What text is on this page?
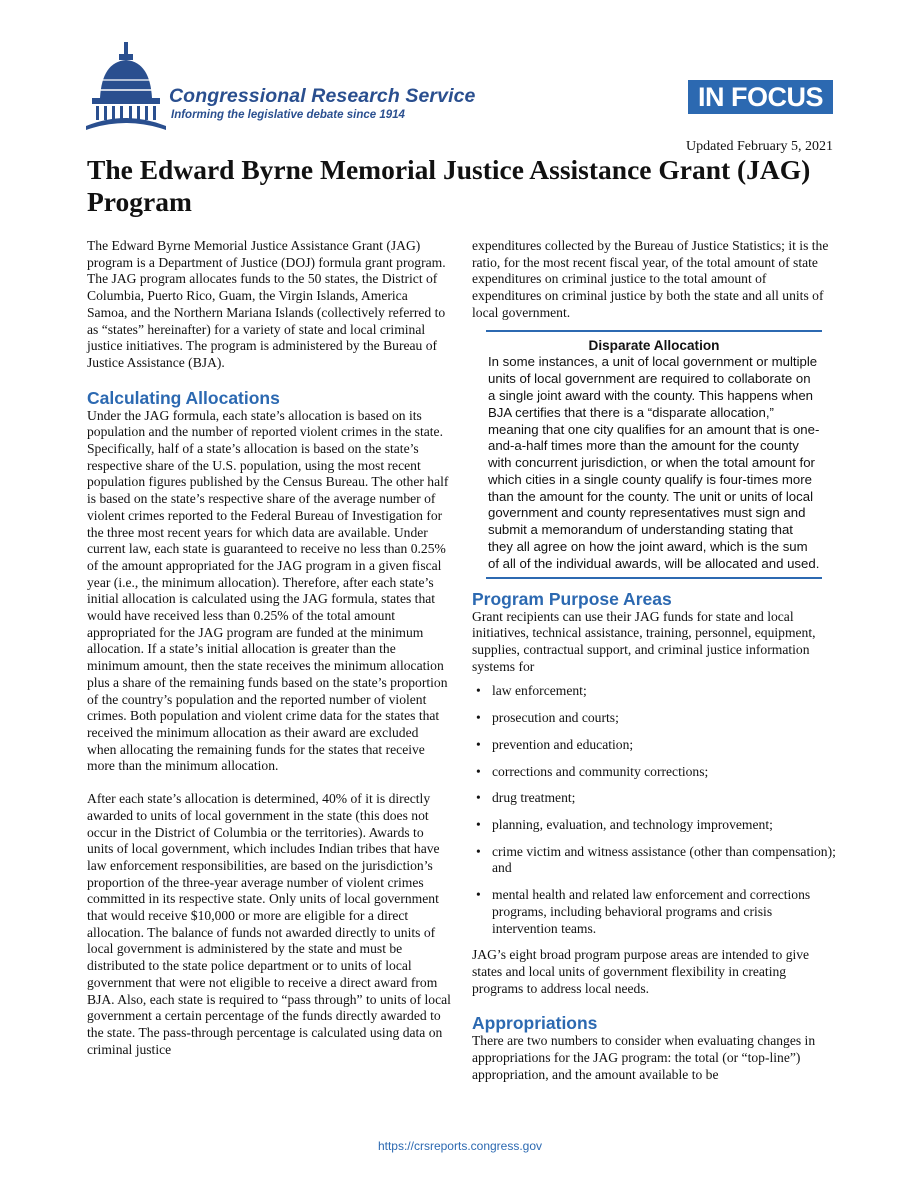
Congressional Research Service
Informing the legislative debate since 1914
IN FOCUS
Updated February 5, 2021
The Edward Byrne Memorial Justice Assistance Grant (JAG) Program

The Edward Byrne Memorial Justice Assistance Grant (JAG) program is a Department of Justice (DOJ) formula grant program. The JAG program allocates funds to the 50 states, the District of Columbia, Puerto Rico, Guam, the Virgin Islands, America Samoa, and the Northern Mariana Islands (collectively referred to as “states” hereinafter) for a variety of state and local criminal justice initiatives. The program is administered by the Bureau of Justice Assistance (BJA).

Calculating Allocations

Under the JAG formula, each state’s allocation is based on its population and the number of reported violent crimes in the state. Specifically, half of a state’s allocation is based on the state’s respective share of the U.S. population, using the most recent population figures published by the Census Bureau. The other half is based on the state’s respective share of the average number of violent crimes reported to the Federal Bureau of Investigation for the three most recent years for which data are available. Under current law, each state is guaranteed to receive no less than 0.25% of the amount appropriated for the JAG program in a given fiscal year (i.e., the minimum allocation). Therefore, after each state’s initial allocation is calculated using the JAG formula, states that would have received less than 0.25% of the total amount appropriated for the JAG program are funded at the minimum allocation. If a state’s initial allocation is greater than the minimum amount, then the state receives the minimum allocation plus a share of the remaining funds based on the state’s proportion of the country’s population and the reported number of violent crimes. Both population and violent crime data for the states that received the minimum allocation as their award are excluded when allocating the remaining funds for the states that receive more than the minimum allocation.

After each state’s allocation is determined, 40% of it is directly awarded to units of local government in the state (this does not occur in the District of Columbia or the territories). Awards to units of local government, which includes Indian tribes that have law enforcement responsibilities, are based on the jurisdiction’s proportion of the three-year average number of violent crimes committed in its respective state. Only units of local government that would receive $10,000 or more are eligible for a direct allocation. The balance of funds not awarded directly to units of local government is administered by the state and must be distributed to the state police department or to units of local government that were not eligible to receive a direct award from BJA. Also, each state is required to “pass through” to units of local government a certain percentage of the funds directly awarded to the state. The pass-through percentage is calculated using data on criminal justice

expenditures collected by the Bureau of Justice Statistics; it is the ratio, for the most recent fiscal year, of the total amount of state expenditures on criminal justice to the total amount of expenditures on criminal justice by both the state and all units of local government.

Disparate Allocation

In some instances, a unit of local government or multiple units of local government are required to collaborate on a single joint award with the county. This happens when BJA certifies that there is a “disparate allocation,” meaning that one city qualifies for an amount that is one-and-a-half times more than the amount for the county with concurrent jurisdiction, or when the total amount for which cities in a single county qualify is four-times more than the amount for the county. The unit or units of local government and county representatives must sign and submit a memorandum of understanding stating that they all agree on how the joint award, which is the sum of all of the individual awards, will be allocated and used.

Program Purpose Areas

Grant recipients can use their JAG funds for state and local initiatives, technical assistance, training, personnel, equipment, supplies, contractual support, and criminal justice information systems for

• law enforcement;
• prosecution and courts;
• prevention and education;
• corrections and community corrections;
• drug treatment;
• planning, evaluation, and technology improvement;
• crime victim and witness assistance (other than compensation); and
• mental health and related law enforcement and corrections programs, including behavioral programs and crisis intervention teams.

JAG’s eight broad program purpose areas are intended to give states and local units of government flexibility in creating programs to address local needs.

Appropriations

There are two numbers to consider when evaluating changes in appropriations for the JAG program: the total (or “top-line”) appropriation, and the amount available to be

https://crsreports.congress.gov
